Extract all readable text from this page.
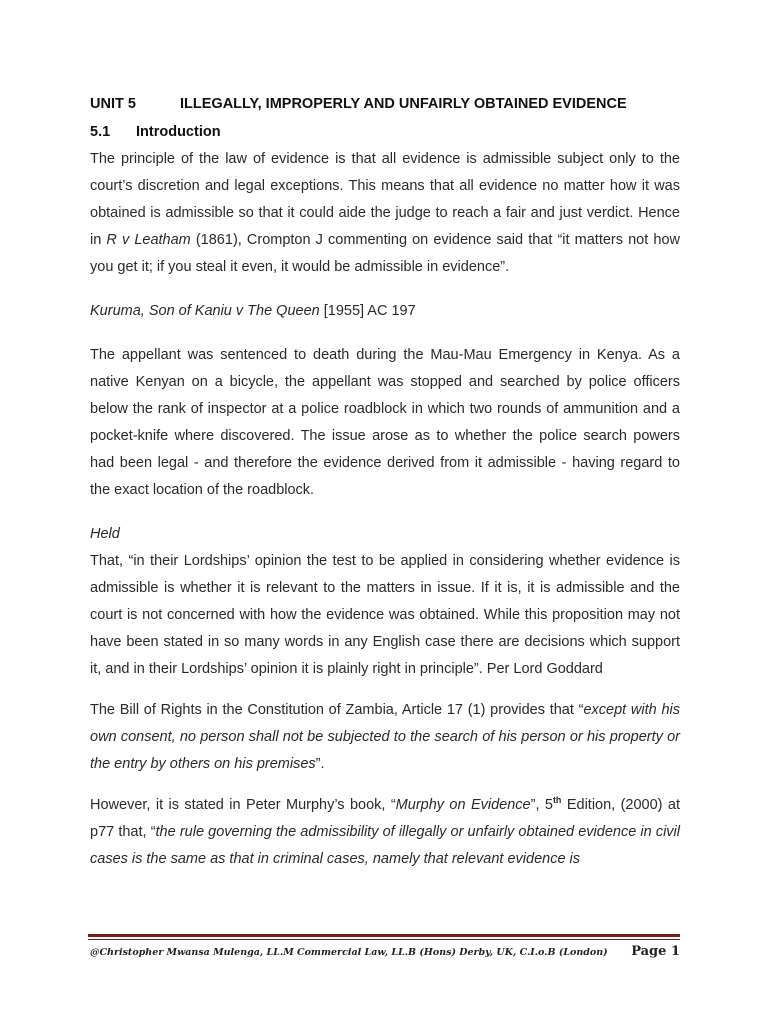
UNIT 5	ILLEGALLY, IMPROPERLY AND UNFAIRLY OBTAINED EVIDENCE
5.1	Introduction

The principle of the law of evidence is that all evidence is admissible subject only to the court’s discretion and legal exceptions. This means that all evidence no matter how it was obtained is admissible so that it could aide the judge to reach a fair and just verdict. Hence in R v Leatham (1861), Crompton J commenting on evidence said that “it matters not how you get it; if you steal it even, it would be admissible in evidence”.

Kuruma, Son of Kaniu v The Queen [1955] AC 197

The appellant was sentenced to death during the Mau-Mau Emergency in Kenya. As a native Kenyan on a bicycle, the appellant was stopped and searched by police officers below the rank of inspector at a police roadblock in which two rounds of ammunition and a pocket-knife where discovered. The issue arose as to whether the police search powers had been legal - and therefore the evidence derived from it admissible - having regard to the exact location of the roadblock.

Held

That, “in their Lordships’ opinion the test to be applied in considering whether evidence is admissible is whether it is relevant to the matters in issue. If it is, it is admissible and the court is not concerned with how the evidence was obtained. While this proposition may not have been stated in so many words in any English case there are decisions which support it, and in their Lordships’ opinion it is plainly right in principle”. Per Lord Goddard

The Bill of Rights in the Constitution of Zambia, Article 17 (1) provides that “except with his own consent, no person shall not be subjected to the search of his person or his property or the entry by others on his premises”.

However, it is stated in Peter Murphy’s book, “Murphy on Evidence”, 5th Edition, (2000) at p77 that, “the rule governing the admissibility of illegally or unfairly obtained evidence in civil cases is the same as that in criminal cases, namely that relevant evidence is

@Christopher Mwansa Mulenga, LL.M Commercial Law, LL.B (Hons) Derby, UK, C.I.o.B (London) Page 1
